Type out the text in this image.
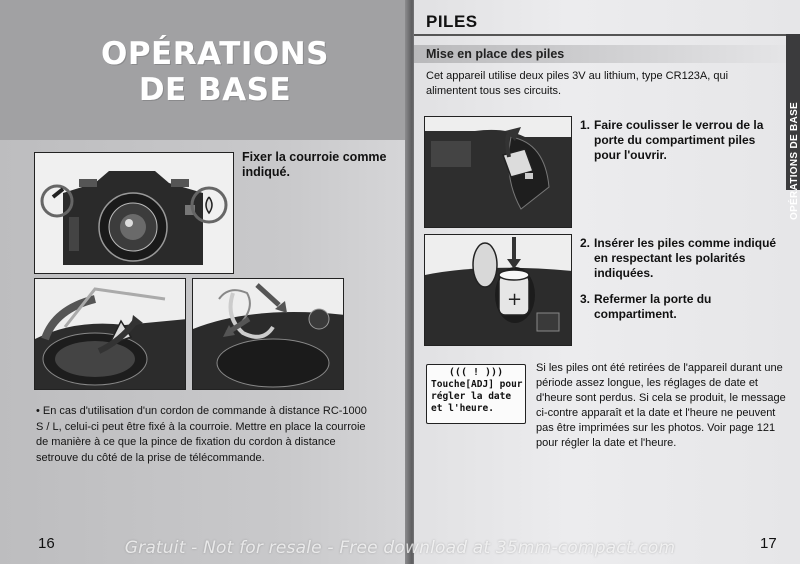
OPÉRATIONS
DE BASE
Fixer la courroie comme indiqué.

• En cas d'utilisation d'un cordon de commande à distance RC-1000 S / L, celui-ci peut être fixé à la courroie. Mettre en place la courroie de manière à ce que la pince de fixation du cordon à distance setrouve du côté de la prise de télécommande.

16
PILES
Mise en place des piles

Cet appareil utilise deux piles 3V au lithium, type CR123A, qui alimentent tous ses circuits.

+
1. Faire coulisser le verrou de la porte du compartiment piles pour l'ouvrir.
2. Insérer les piles comme indiqué en respectant les polarités indiquées.
3. Refermer la porte du compartiment.
((( ! )))
Touche[ADJ] pour régler la date et l'heure.

Si les piles ont été retirées de l'appareil durant une période assez longue, les réglages de date et d'heure sont perdus. Si cela se produit, le message ci-contre apparaît et la date et l'heure ne peuvent pas être imprimées sur les photos. Voir page 121 pour régler la date et l'heure.

OPÉRATIONS DE BASE
17
Gratuit - Not for resale - Free download at 35mm-compact.com
